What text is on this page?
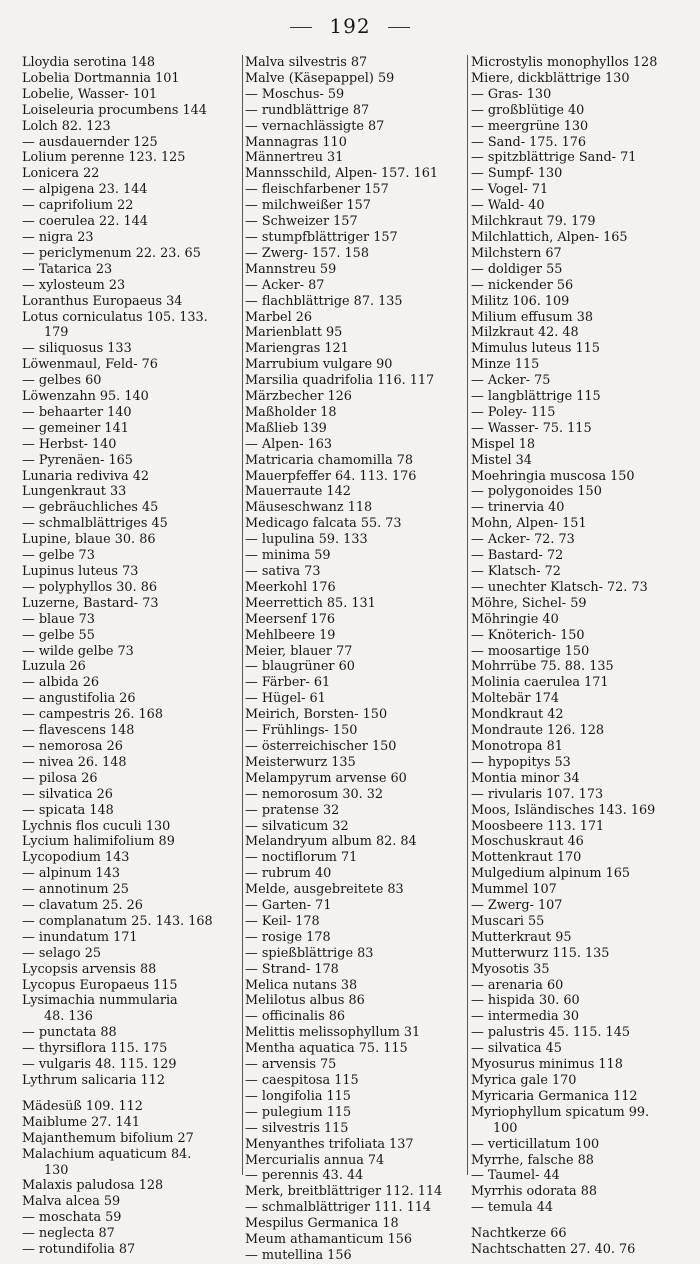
192
Lloydia serotina 148
Lobelia Dortmannia 101
Lobelie, Wasser- 101
Loiseleuria procumbens 144
Lolch 82. 123
— ausdauernder 125
Lolium perenne 123. 125
Lonicera 22
— alpigena 23. 144
— caprifolium 22
— coerulea 22. 144
— nigra 23
— periclymenum 22. 23. 65
— Tatarica 23
— xylosteum 23
Loranthus Europaeus 34
Lotus corniculatus 105. 133.
179
— siliquosus 133
Löwenmaul, Feld- 76
— gelbes 60
Löwenzahn 95. 140
— behaarter 140
— gemeiner 141
— Herbst- 140
— Pyrenäen- 165
Lunaria rediviva 42
Lungenkraut 33
— gebräuchliches 45
— schmalblättriges 45
Lupine, blaue 30. 86
— gelbe 73
Lupinus luteus 73
— polyphyllos 30. 86
Luzerne, Bastard- 73
— blaue 73
— gelbe 55
— wilde gelbe 73
Luzula 26
— albida 26
— angustifolia 26
— campestris 26. 168
— flavescens 148
— nemorosa 26
— nivea 26. 148
— pilosa 26
— silvatica 26
— spicata 148
Lychnis flos cuculi 130
Lycium halimifolium 89
Lycopodium 143
— alpinum 143
— annotinum 25
— clavatum 25. 26
— complanatum 25. 143. 168
— inundatum 171
— selago 25
Lycopsis arvensis 88
Lycopus Europaeus 115
Lysimachia nummularia
48. 136
— punctata 88
— thyrsiflora 115. 175
— vulgaris 48. 115. 129
Lythrum salicaria 112
Mädesüß 109. 112
Maiblume 27. 141
Majanthemum bifolium 27
Malachium aquaticum 84.
130
Malaxis paludosa 128
Malva alcea 59
— moschata 59
— neglecta 87
— rotundifolia 87
Malva silvestris 87
Malve (Käsepappel) 59
— Moschus- 59
— rundblättrige 87
— vernachlässigte 87
Mannagras 110
Männertreu 31
Mannsschild, Alpen- 157. 161
— fleischfarbener 157
— milchweißer 157
— Schweizer 157
— stumpfblättriger 157
— Zwerg- 157. 158
Mannstreu 59
— Acker- 87
— flachblättrige 87. 135
Marbel 26
Marienblatt 95
Mariengras 121
Marrubium vulgare 90
Marsilia quadrifolia 116. 117
Märzbecher 126
Maßholder 18
Maßlieb 139
— Alpen- 163
Matricaria chamomilla 78
Mauerpfeffer 64. 113. 176
Mauerraute 142
Mäuseschwanz 118
Medicago falcata 55. 73
— lupulina 59. 133
— minima 59
— sativa 73
Meerkohl 176
Meerrettich 85. 131
Meersenf 176
Mehlbeere 19
Meier, blauer 77
— blaugrüner 60
— Färber- 61
— Hügel- 61
Meirich, Borsten- 150
— Frühlings- 150
— österreichischer 150
Meisterwurz 135
Melampyrum arvense 60
— nemorosum 30. 32
— pratense 32
— silvaticum 32
Melandryum album 82. 84
— noctiflorum 71
— rubrum 40
Melde, ausgebreitete 83
— Garten- 71
— Keil- 178
— rosige 178
— spießblättrige 83
— Strand- 178
Melica nutans 38
Melilotus albus 86
— officinalis 86
Melittis melissophyllum 31
Mentha aquatica 75. 115
— arvensis 75
— caespitosa 115
— longifolia 115
— pulegium 115
— silvestris 115
Menyanthes trifoliata 137
Mercurialis annua 74
— perennis 43. 44
Merk, breitblättriger 112. 114
— schmalblättriger 111. 114
Mespilus Germanica 18
Meum athamanticum 156
— mutellina 156
Microstylis monophyllos 128
Miere, dickblättrige 130
— Gras- 130
— großblütige 40
— meergrüne 130
— Sand- 175. 176
— spitzblättrige Sand- 71
— Sumpf- 130
— Vogel- 71
— Wald- 40
Milchkraut 79. 179
Milchlattich, Alpen- 165
Milchstern 67
— doldiger 55
— nickender 56
Militz 106. 109
Milium effusum 38
Milzkraut 42. 48
Mimulus luteus 115
Minze 115
— Acker- 75
— langblättrige 115
— Poley- 115
— Wasser- 75. 115
Mispel 18
Mistel 34
Moehringia muscosa 150
— polygonoides 150
— trinervia 40
Mohn, Alpen- 151
— Acker- 72. 73
— Bastard- 72
— Klatsch- 72
— unechter Klatsch- 72. 73
Möhre, Sichel- 59
Möhringie 40
— Knöterich- 150
— moosartige 150
Mohrrübe 75. 88. 135
Molinia caerulea 171
Moltebär 174
Mondkraut 42
Mondraute 126. 128
Monotropa 81
— hypopitys 53
Montia minor 34
— rivularis 107. 173
Moos, Isländisches 143. 169
Moosbeere 113. 171
Moschuskraut 46
Mottenkraut 170
Mulgedium alpinum 165
Mummel 107
— Zwerg- 107
Muscari 55
Mutterkraut 95
Mutterwurz 115. 135
Myosotis 35
— arenaria 60
— hispida 30. 60
— intermedia 30
— palustris 45. 115. 145
— silvatica 45
Myosurus minimus 118
Myrica gale 170
Myricaria Germanica 112
Myriophyllum spicatum 99.
100
— verticillatum 100
Myrrhe, falsche 88
— Taumel- 44
Myrrhis odorata 88
— temula 44
Nachtkerze 66
Nachtschatten 27. 40. 76
